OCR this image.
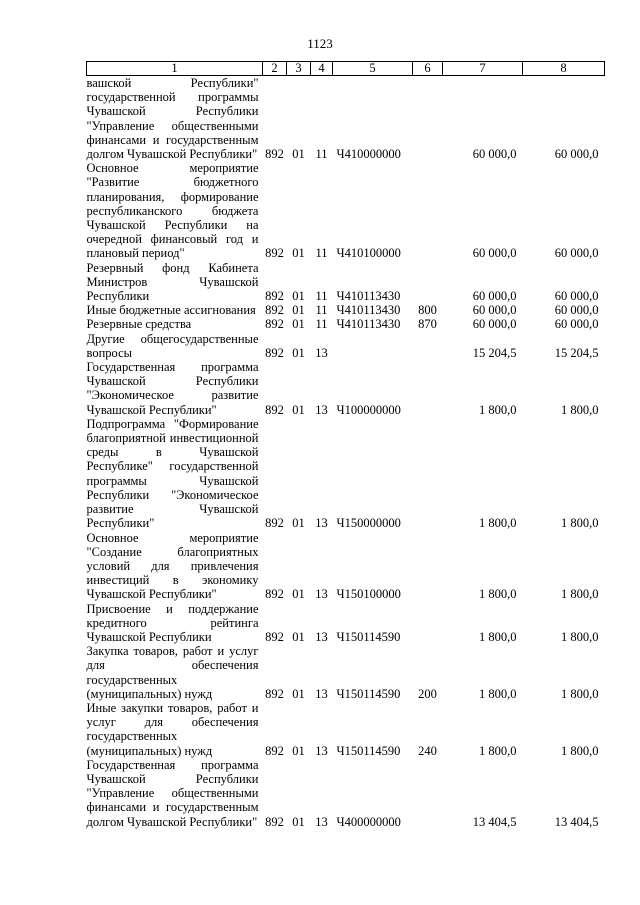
1123
1	2	3	4	5	6	7	8
вашской Республики" государственной программы Чувашской Республики "Управление общественными финансами и государственным долгом Чувашской Республики"	892	01	11	Ч410000000		60 000,0	60 000,0
Основное мероприятие "Развитие бюджетного планирования, формирование республиканского бюджета Чувашской Республики на очередной финансовый год и плановый период"	892	01	11	Ч410100000		60 000,0	60 000,0
Резервный фонд Кабинета Министров Чувашской Республики	892	01	11	Ч410113430		60 000,0	60 000,0
Иные бюджетные ассигнования	892	01	11	Ч410113430	800	60 000,0	60 000,0
Резервные средства	892	01	11	Ч410113430	870	60 000,0	60 000,0
Другие общегосударственные вопросы	892	01	13			15 204,5	15 204,5
Государственная программа Чувашской Республики "Экономическое развитие Чувашской Республики"	892	01	13	Ч100000000		1 800,0	1 800,0
Подпрограмма "Формирование благоприятной инвестиционной среды в Чувашской Республике" государственной программы Чувашской Республики "Экономическое развитие Чувашской Республики"	892	01	13	Ч150000000		1 800,0	1 800,0
Основное мероприятие "Создание благоприятных условий для привлечения инвестиций в экономику Чувашской Республики"	892	01	13	Ч150100000		1 800,0	1 800,0
Присвоение и поддержание кредитного рейтинга Чувашской Республики	892	01	13	Ч150114590		1 800,0	1 800,0
Закупка товаров, работ и услуг для обеспечения государственных (муниципальных) нужд	892	01	13	Ч150114590	200	1 800,0	1 800,0
Иные закупки товаров, работ и услуг для обеспечения государственных (муниципальных) нужд	892	01	13	Ч150114590	240	1 800,0	1 800,0
Государственная программа Чувашской Республики "Управление общественными финансами и государственным долгом Чувашской Республики"	892	01	13	Ч400000000		13 404,5	13 404,5
